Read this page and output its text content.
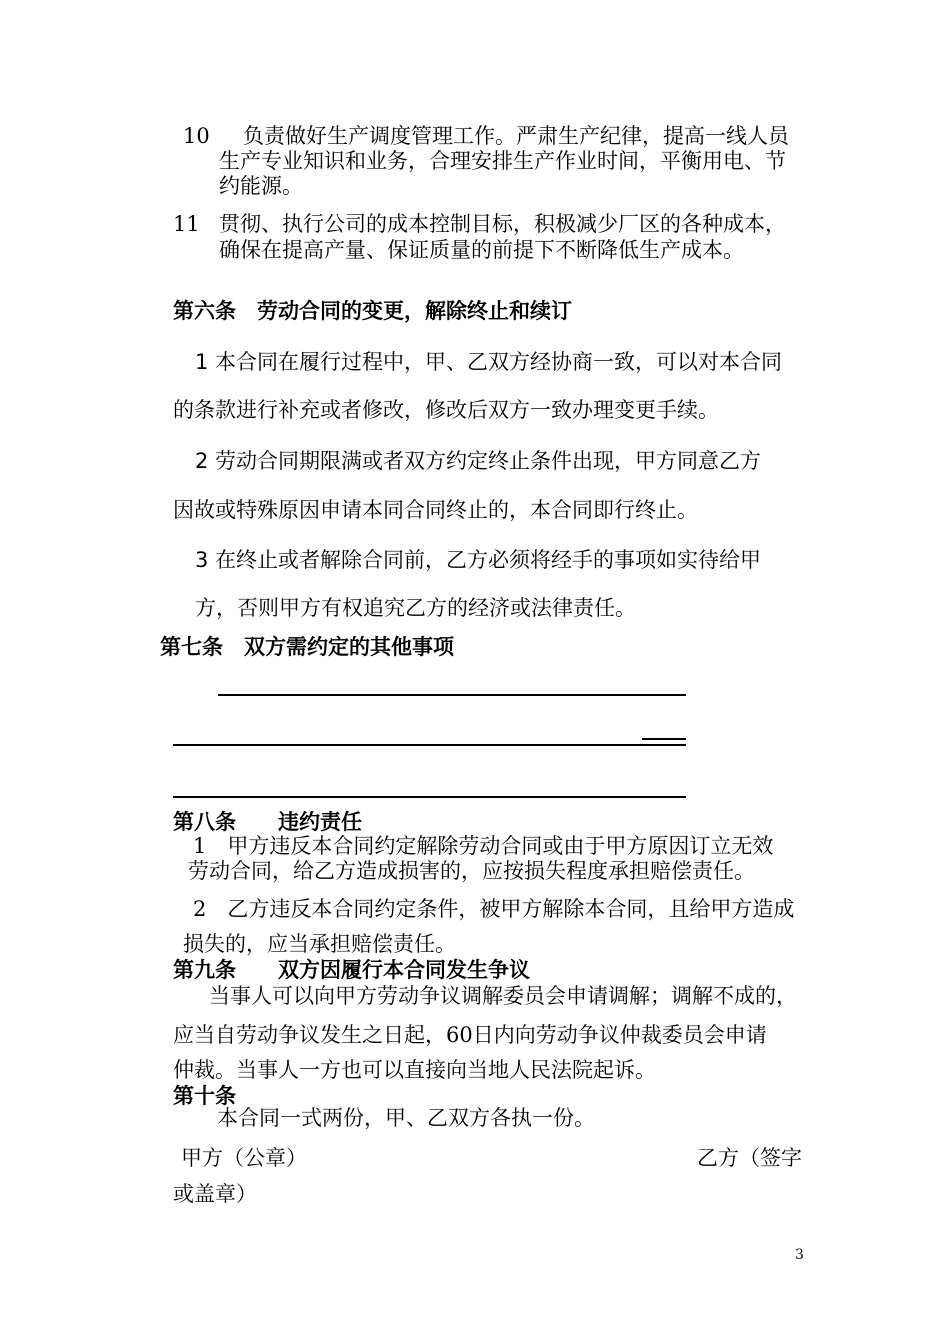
10 负责做好生产调度管理工作。严肃生产纪律，提高一线人员
生产专业知识和业务，合理安排生产作业时间，平衡用电、节
约能源。
11 贯彻、执行公司的成本控制目标，积极减少厂区的各种成本，
确保在提高产量、保证质量的前提下不断降低生产成本。
第六条　劳动合同的变更，解除终止和续订
1 本合同在履行过程中，甲、乙双方经协商一致，可以对本合同
的条款进行补充或者修改，修改后双方一致办理变更手续。
2 劳动合同期限满或者双方约定终止条件出现，甲方同意乙方
因故或特殊原因申请本同合同终止的，本合同即行终止。
3 在终止或者解除合同前，乙方必须将经手的事项如实待给甲
方，否则甲方有权追究乙方的经济或法律责任。
第七条　双方需约定的其他事项
第八条　　违约责任
1　甲方违反本合同约定解除劳动合同或由于甲方原因订立无效
劳动合同，给乙方造成损害的，应按损失程度承担赔偿责任。
2　乙方违反本合同约定条件，被甲方解除本合同，且给甲方造成
损失的，应当承担赔偿责任。
第九条　　双方因履行本合同发生争议
当事人可以向甲方劳动争议调解委员会申请调解；调解不成的，
应当自劳动争议发生之日起，60日内向劳动争议仲裁委员会申请
仲裁。当事人一方也可以直接向当地人民法院起诉。
第十条
本合同一式两份，甲、乙双方各执一份。
甲方（公章）	乙方（签字
或盖章）
3
